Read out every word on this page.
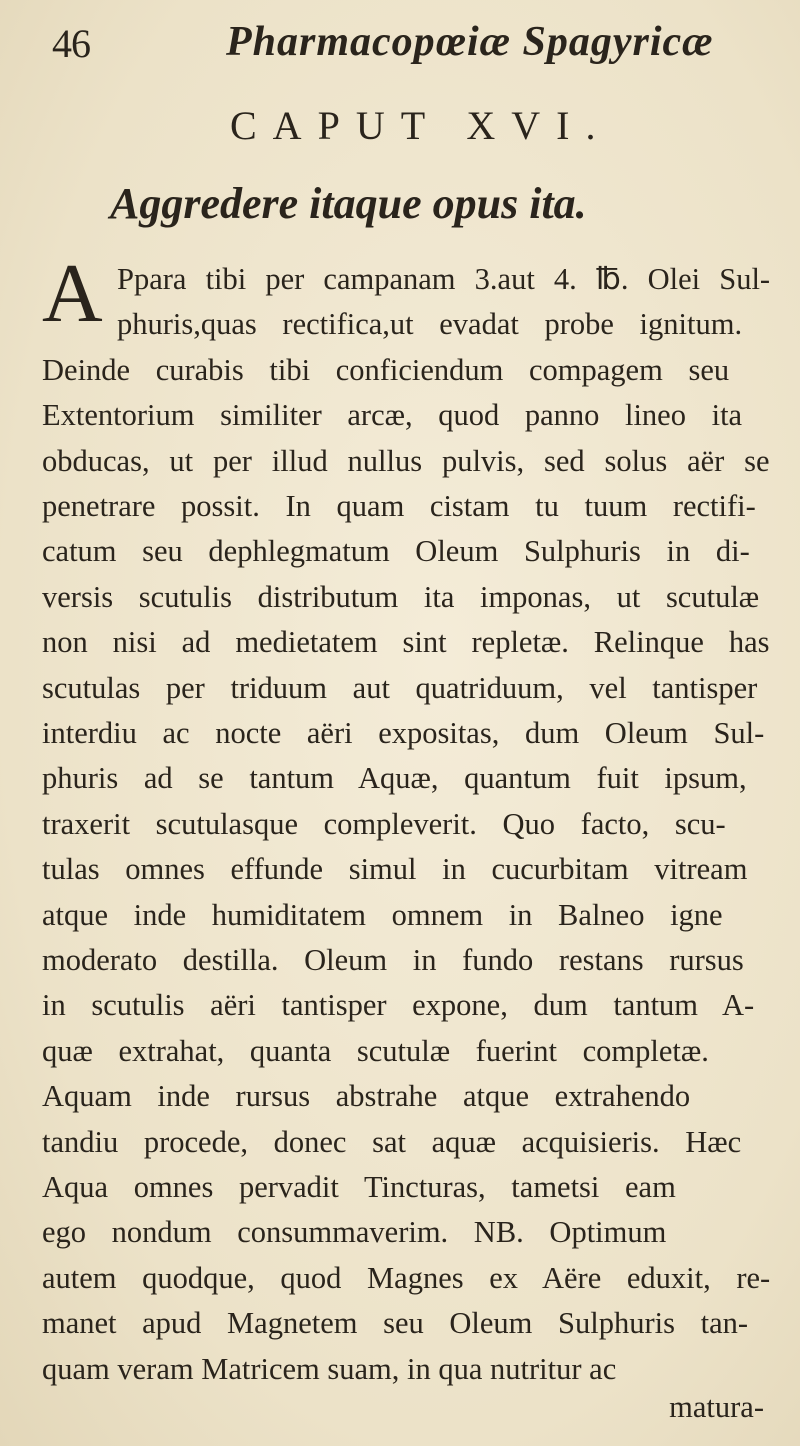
46	Pharmacopœiæ Spagyricæ
CAPUT XVI.
Aggredere itaque opus ita.
A Ppara tibi per campanam 3.aut 4. ℔. Olei Sul-
phuris,quas rectifica,ut evadat probe ignitum.
Deinde curabis tibi conficiendum compagem seu
Extentorium similiter arcæ, quod panno lineo ita
obducas, ut per illud nullus pulvis, sed solus aër se
penetrare possit. In quam cistam tu tuum rectifi-
catum seu dephlegmatum Oleum Sulphuris in di-
versis scutulis distributum ita imponas, ut scutulæ
non nisi ad medietatem sint repletæ. Relinque has
scutulas per triduum aut quatriduum, vel tantisper
interdiu ac nocte aëri expositas, dum Oleum Sul-
phuris ad se tantum Aquæ, quantum fuit ipsum,
traxerit scutulasque compleverit. Quo facto, scu-
tulas omnes effunde simul in cucurbitam vitream
atque inde humiditatem omnem in Balneo igne
moderato destilla. Oleum in fundo restans rursus
in scutulis aëri tantisper expone, dum tantum A-
quæ extrahat, quanta scutulæ fuerint completæ.
Aquam inde rursus abstrahe atque extrahendo
tandiu procede, donec sat aquæ acquisieris. Hæc
Aqua omnes pervadit Tincturas, tametsi eam
ego nondum consummaverim. NB. Optimum
autem quodque, quod Magnes ex Aëre eduxit, re-
manet apud Magnetem seu Oleum Sulphuris tan-
quam veram Matricem suam, in qua nutritur ac
matura-
